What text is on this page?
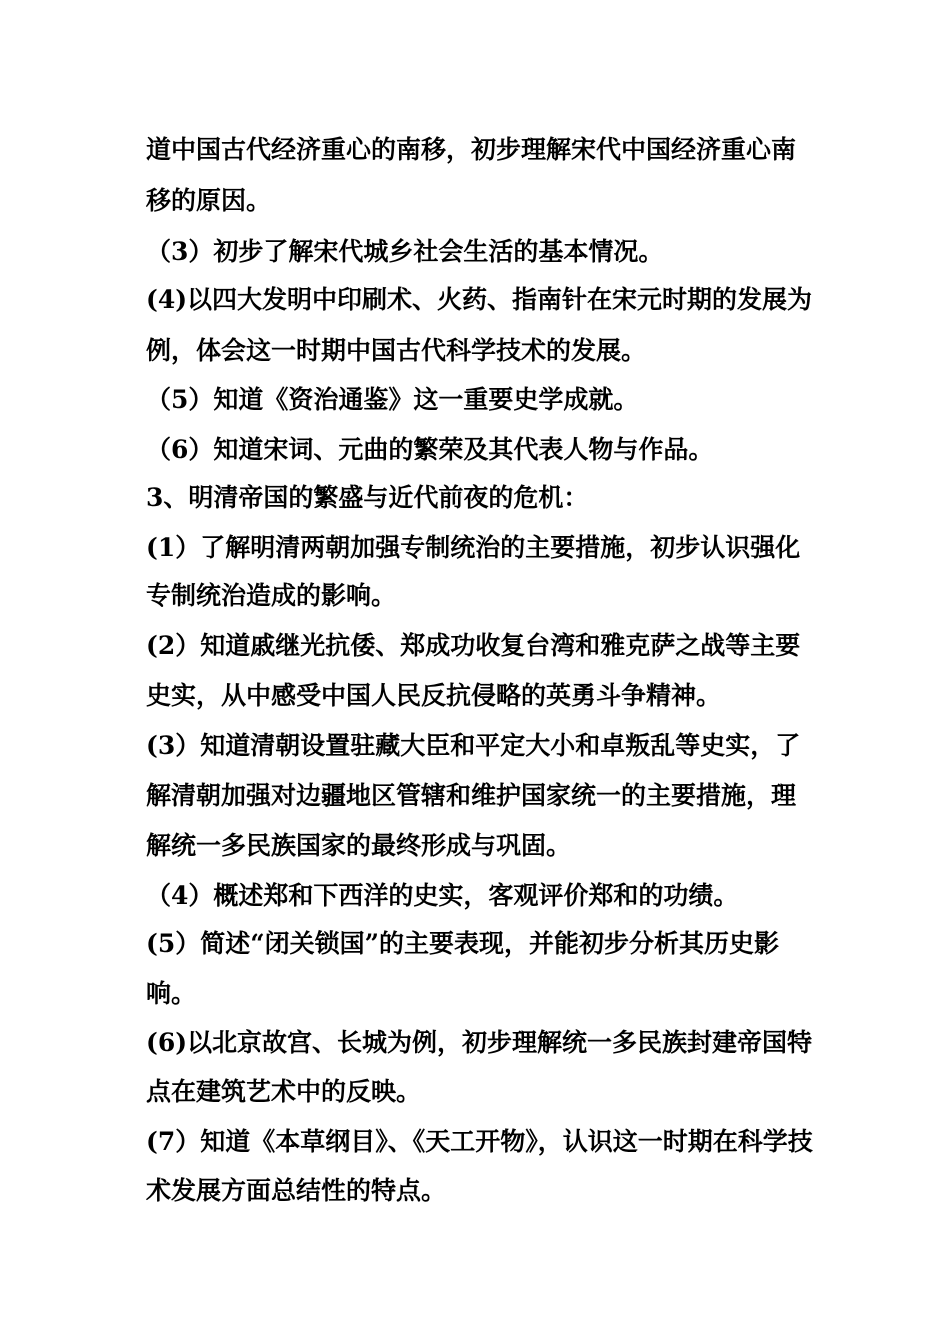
道中国古代经济重心的南移，初步理解宋代中国经济重心南
移的原因。
（3）初步了解宋代城乡社会生活的基本情况。
(4)以四大发明中印刷术、火药、指南针在宋元时期的发展为
例，体会这一时期中国古代科学技术的发展。
（5）知道《资治通鉴》这一重要史学成就。
（6）知道宋词、元曲的繁荣及其代表人物与作品。
3、明清帝国的繁盛与近代前夜的危机：
(1）了解明清两朝加强专制统治的主要措施，初步认识强化
专制统治造成的影响。
(2）知道戚继光抗倭、郑成功收复台湾和雅克萨之战等主要
史实，从中感受中国人民反抗侵略的英勇斗争精神。
(3）知道清朝设置驻藏大臣和平定大小和卓叛乱等史实，了
解清朝加强对边疆地区管辖和维护国家统一的主要措施，理
解统一多民族国家的最终形成与巩固。
（4）概述郑和下西洋的史实，客观评价郑和的功绩。
(5）简述“闭关锁国”的主要表现，并能初步分析其历史影
响。
(6)以北京故宫、长城为例，初步理解统一多民族封建帝国特
点在建筑艺术中的反映。
(7）知道《本草纲目》、《天工开物》，认识这一时期在科学技
术发展方面总结性的特点。
